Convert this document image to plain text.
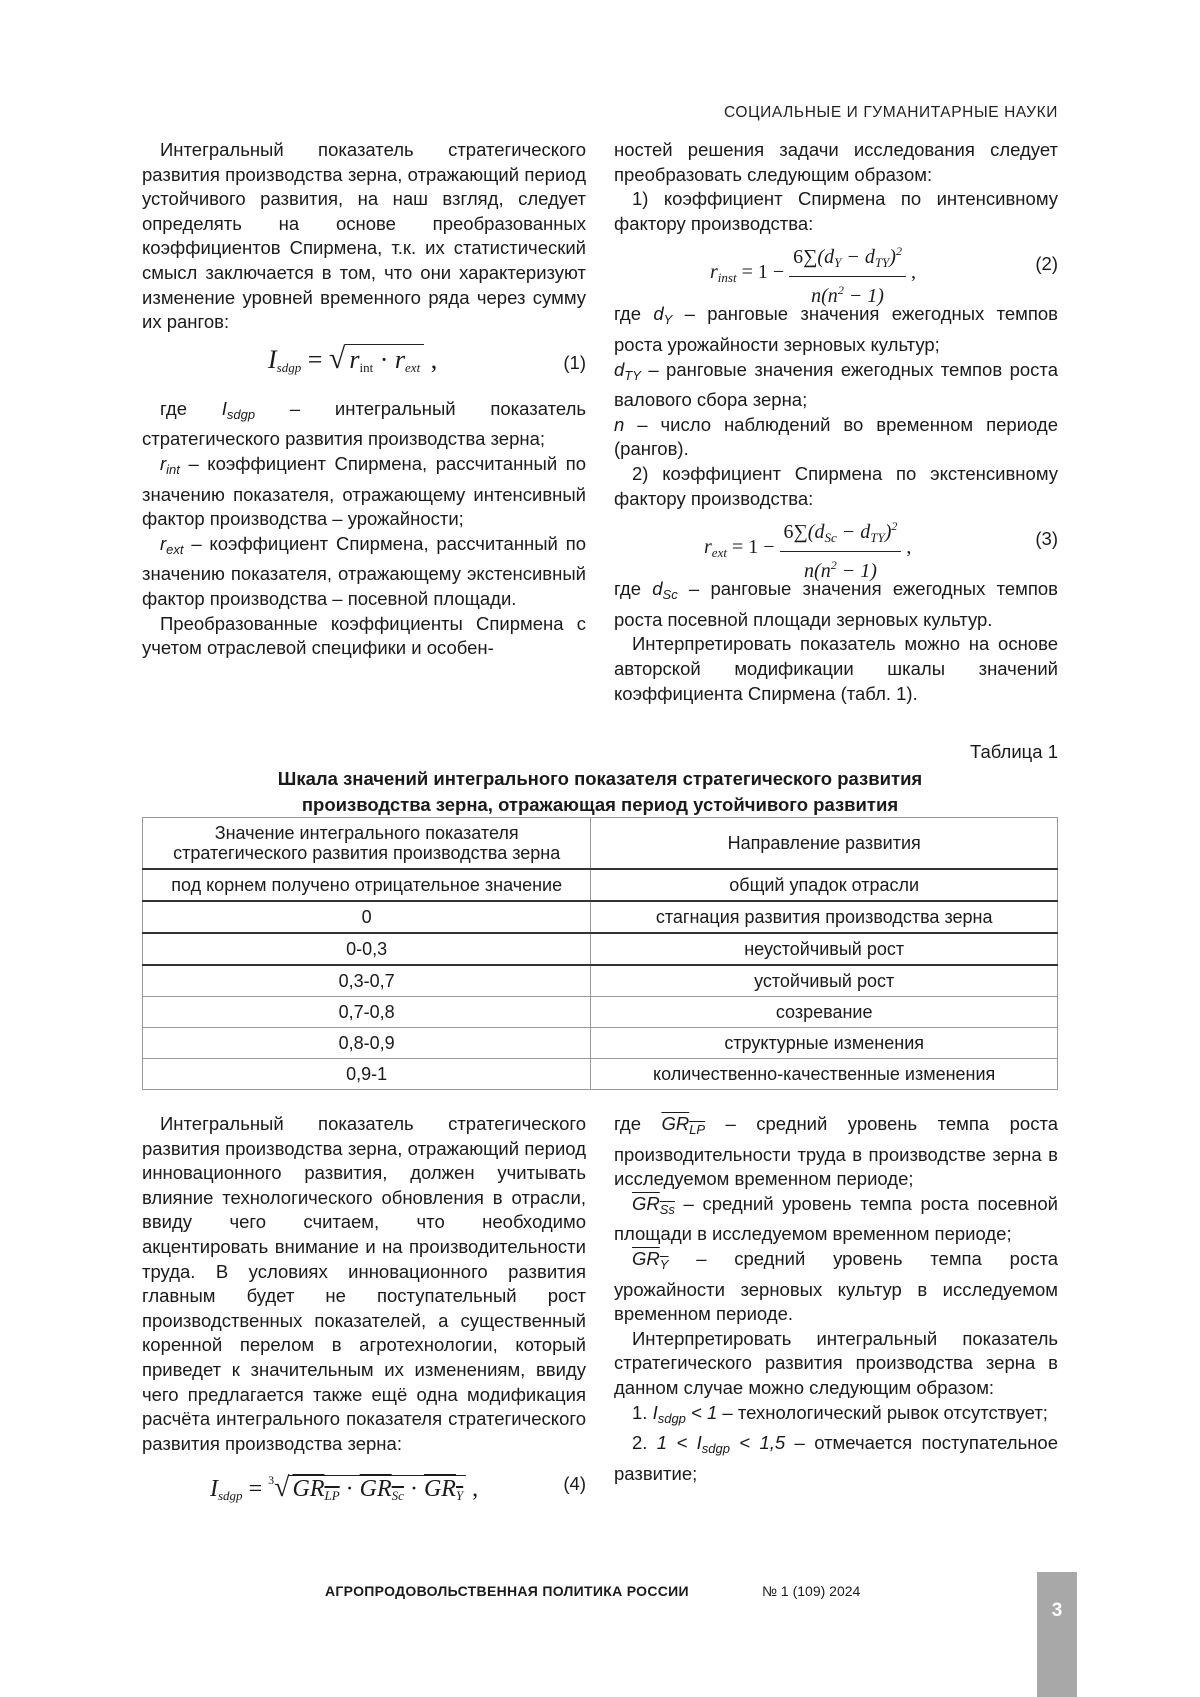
СОЦИАЛЬНЫЕ И ГУМАНИТАРНЫЕ НАУКИ

Интегральный показатель стратегического развития производства зерна, отражающий период устойчивого развития, на наш взгляд, следует определять на основе преобразованных коэффициентов Спирмена, т.к. их статистический смысл заключается в том, что они характеризуют изменение уровней временного ряда через сумму их рангов:

$I_{sdgp}$ = √ $r_{int} \cdot r_{ext}$ ,	(1)

где $I_{sdgp}$ – интегральный показатель стратегического развития производства зерна;

$r_{int}$ – коэффициент Спирмена, рассчитанный по значению показателя, отражающему интенсивный фактор производства – урожайности;

$r_{ext}$ – коэффициент Спирмена, рассчитанный по значению показателя, отражающему экстенсивный фактор производства – посевной площади.

Преобразованные коэффициенты Спирмена с учетом отраслевой специфики и особен-

ностей решения задачи исследования следует преобразовать следующим образом:

1) коэффициент Спирмена по интенсивному фактору производства:

$r_{inst} = 1 - \frac{6\sum(d_Y - d_{TY})^2}{n(n^2 - 1)}$ ,	(2)

где $d_Y$ – ранговые значения ежегодных темпов роста урожайности зерновых культур;

$d_{TY}$ – ранговые значения ежегодных темпов роста валового сбора зерна;

n – число наблюдений во временном периоде (рангов).

2) коэффициент Спирмена по экстенсивному фактору производства:

$r_{ext} = 1 - \frac{6\sum(d_{Sc} - d_{TY})^2}{n(n^2 - 1)}$ ,	(3)

где $d_{Sc}$ – ранговые значения ежегодных темпов роста посевной площади зерновых культур.

Интерпретировать показатель можно на основе авторской модификации шкалы значений коэффициента Спирмена (табл. 1).

Таблица 1
Шкала значений интегрального показателя стратегического развития
производства зерна, отражающая период устойчивого развития
Значение интегрального показателя стратегического развития производства зерна	Направление развития
под корнем получено отрицательное значение	общий упадок отрасли
0	стагнация развития производства зерна
0-0,3	неустойчивый рост
0,3-0,7	устойчивый рост
0,7-0,8	созревание
0,8-0,9	структурные изменения
0,9-1	количественно-качественные изменения

Интегральный показатель стратегического развития производства зерна, отражающий период инновационного развития, должен учитывать влияние технологического обновления в отрасли, ввиду чего считаем, что необходимо акцентировать внимание и на производительности труда. В условиях инновационного развития главным будет не поступательный рост производственных показателей, а существенный коренной перелом в агротехнологии, который приведет к значительным их изменениям, ввиду чего предлагается также ещё одна модификация расчёта интегрального показателя стратегического развития производства зерна:

$I_{sdgp} = ^3√$ $GR_{LP} \cdot GR_{Sc} \cdot GR_Y$ ,	(4)

где $GR_{LP}$ – средний уровень темпа роста производительности труда в производстве зерна в исследуемом временном периоде;

$GR_{Ss}$ – средний уровень темпа роста посевной площади в исследуемом временном периоде;

$GR_Y$ – средний уровень темпа роста урожайности зерновых культур в исследуемом временном периоде.

Интерпретировать интегральный показатель стратегического развития производства зерна в данном случае можно следующим образом:

1. $I_{sdgp} < 1$ – технологический рывок отсутствует;

2. $1 < I_{sdgp} < 1,5$ – отмечается поступательное развитие;

АГРОПРОДОВОЛЬСТВЕННАЯ ПОЛИТИКА РОССИИ	№ 1 (109) 2024
3
